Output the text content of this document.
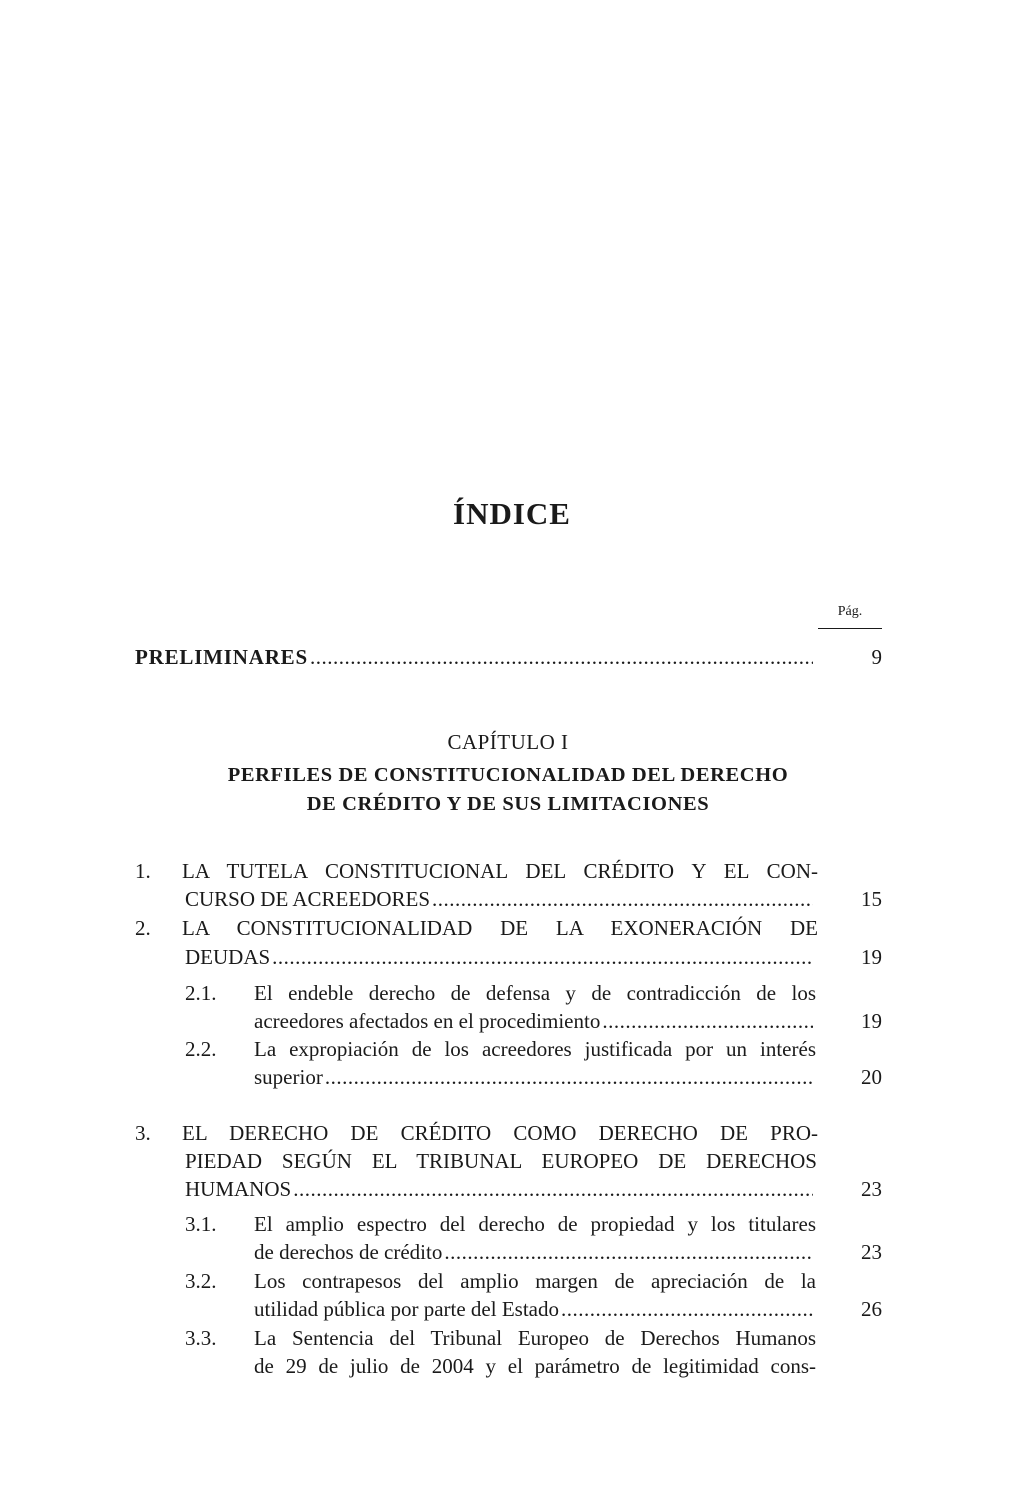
ÍNDICE
Pág.
PRELIMINARES .....	9
CAPÍTULO I
PERFILES DE CONSTITUCIONALIDAD DEL DERECHO
DE CRÉDITO Y DE SUS LIMITACIONES
1. LA TUTELA CONSTITUCIONAL DEL CRÉDITO Y EL CON-
CURSO DE ACREEDORES .....	15
2. LA CONSTITUCIONALIDAD DE LA EXONERACIÓN DE
DEUDAS .....	19
2.1. El endeble derecho de defensa y de contradicción de los
acreedores afectados en el procedimiento .....	19
2.2. La expropiación de los acreedores justificada por un interés
superior .....	20
3. EL DERECHO DE CRÉDITO COMO DERECHO DE PRO-
PIEDAD SEGÚN EL TRIBUNAL EUROPEO DE DERECHOS
HUMANOS .....	23
3.1. El amplio espectro del derecho de propiedad y los titulares
de derechos de crédito .....	23
3.2. Los contrapesos del amplio margen de apreciación de la
utilidad pública por parte del Estado .....	26
3.3. La Sentencia del Tribunal Europeo de Derechos Humanos
de 29 de julio de 2004 y el parámetro de legitimidad cons-
